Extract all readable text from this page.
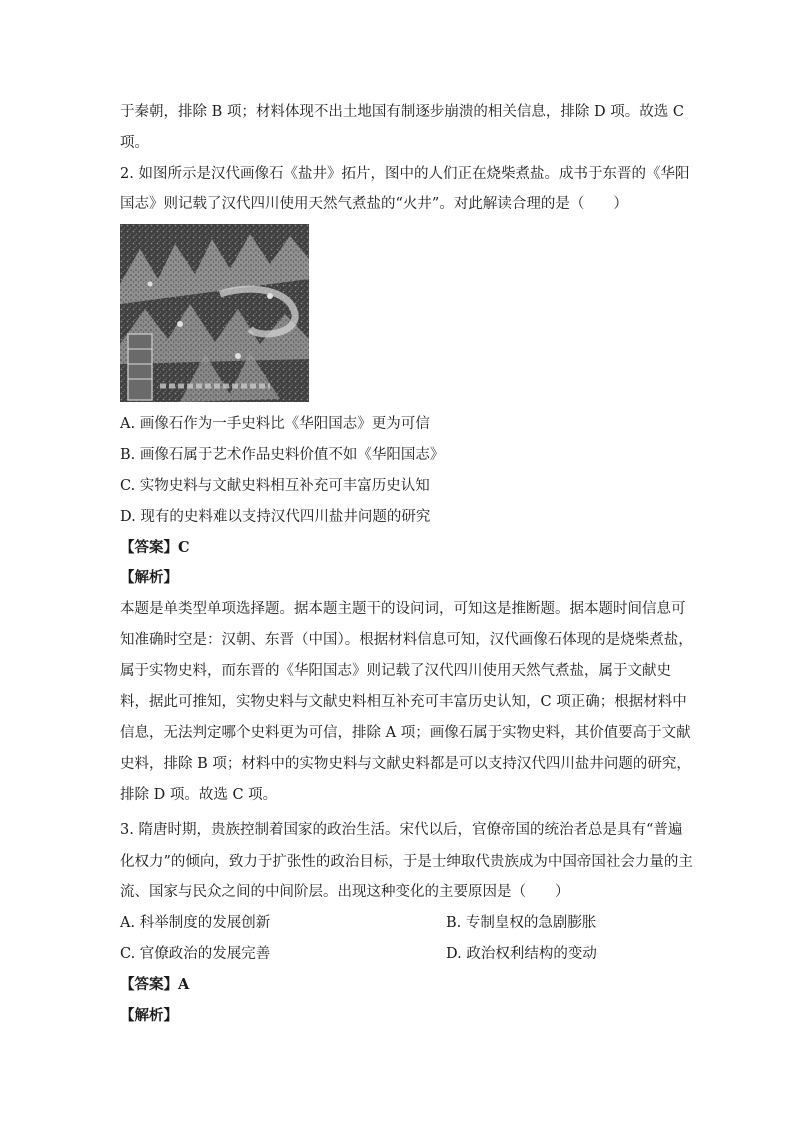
于秦朝，排除 B 项；材料体现不出土地国有制逐步崩溃的相关信息，排除 D 项。故选 C
项。
2. 如图所示是汉代画像石《盐井》拓片，图中的人们正在烧柴煮盐。成书于东晋的《华阳
国志》则记载了汉代四川使用天然气煮盐的“火井”。对此解读合理的是（　　）
A. 画像石作为一手史料比《华阳国志》更为可信
B. 画像石属于艺术作品史料价值不如《华阳国志》
C. 实物史料与文献史料相互补充可丰富历史认知
D. 现有的史料难以支持汉代四川盐井问题的研究
【答案】C
【解析】
本题是单类型单项选择题。据本题主题干的设问词，可知这是推断题。据本题时间信息可
知准确时空是：汉朝、东晋（中国）。根据材料信息可知，汉代画像石体现的是烧柴煮盐，
属于实物史料，而东晋的《华阳国志》则记载了汉代四川使用天然气煮盐，属于文献史
料，据此可推知，实物史料与文献史料相互补充可丰富历史认知，C 项正确；根据材料中
信息，无法判定哪个史料更为可信，排除 A 项；画像石属于实物史料，其价值要高于文献
史料，排除 B 项；材料中的实物史料与文献史料都是可以支持汉代四川盐井问题的研究，
排除 D 项。故选 C 项。
3. 隋唐时期，贵族控制着国家的政治生活。宋代以后，官僚帝国的统治者总是具有“普遍
化权力”的倾向，致力于扩张性的政治目标，于是士绅取代贵族成为中国帝国社会力量的主
流、国家与民众之间的中间阶层。出现这种变化的主要原因是（　　）
A. 科举制度的发展创新	B. 专制皇权的急剧膨胀
C. 官僚政治的发展完善	D. 政治权利结构的变动
【答案】A
【解析】
